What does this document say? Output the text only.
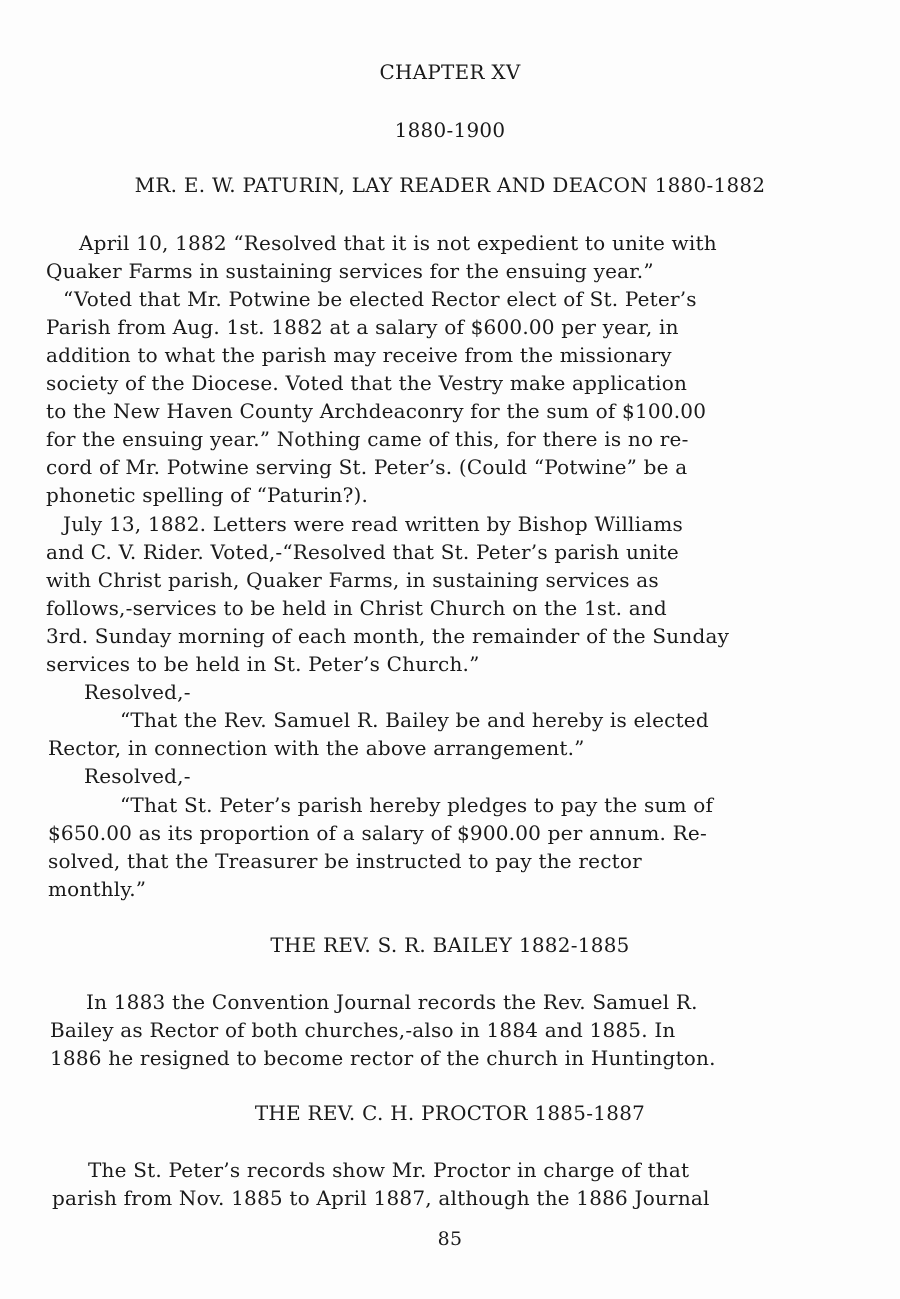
CHAPTER XV
1880-1900
MR. E. W. PATURIN, LAY READER AND DEACON 1880-1882
April 10, 1882 “Resolved that it is not expedient to unite with
Quaker Farms in sustaining services for the ensuing year.”
“Voted that Mr. Potwine be elected Rector elect of St. Peter’s
Parish from Aug. 1st. 1882 at a salary of $600.00 per year, in
addition to what the parish may receive from the missionary
society of the Diocese. Voted that the Vestry make application
to the New Haven County Archdeaconry for the sum of $100.00
for the ensuing year.” Nothing came of this, for there is no re-
cord of Mr. Potwine serving St. Peter’s. (Could “Potwine” be a
phonetic spelling of “Paturin?).
July 13, 1882. Letters were read written by Bishop Williams
and C. V. Rider. Voted,-“Resolved that St. Peter’s parish unite
with Christ parish, Quaker Farms, in sustaining services as
follows,-services to be held in Christ Church on the 1st. and
3rd. Sunday morning of each month, the remainder of the Sunday
services to be held in St. Peter’s Church.”
Resolved,-
“That the Rev. Samuel R. Bailey be and hereby is elected
Rector, in connection with the above arrangement.”
Resolved,-
“That St. Peter’s parish hereby pledges to pay the sum of
$650.00 as its proportion of a salary of $900.00 per annum. Re-
solved, that the Treasurer be instructed to pay the rector
monthly.”
THE REV. S. R. BAILEY 1882-1885
In 1883 the Convention Journal records the Rev. Samuel R.
Bailey as Rector of both churches,-also in 1884 and 1885. In
1886 he resigned to become rector of the church in Huntington.
THE REV. C. H. PROCTOR 1885-1887
The St. Peter’s records show Mr. Proctor in charge of that
parish from Nov. 1885 to April 1887, although the 1886 Journal
85
